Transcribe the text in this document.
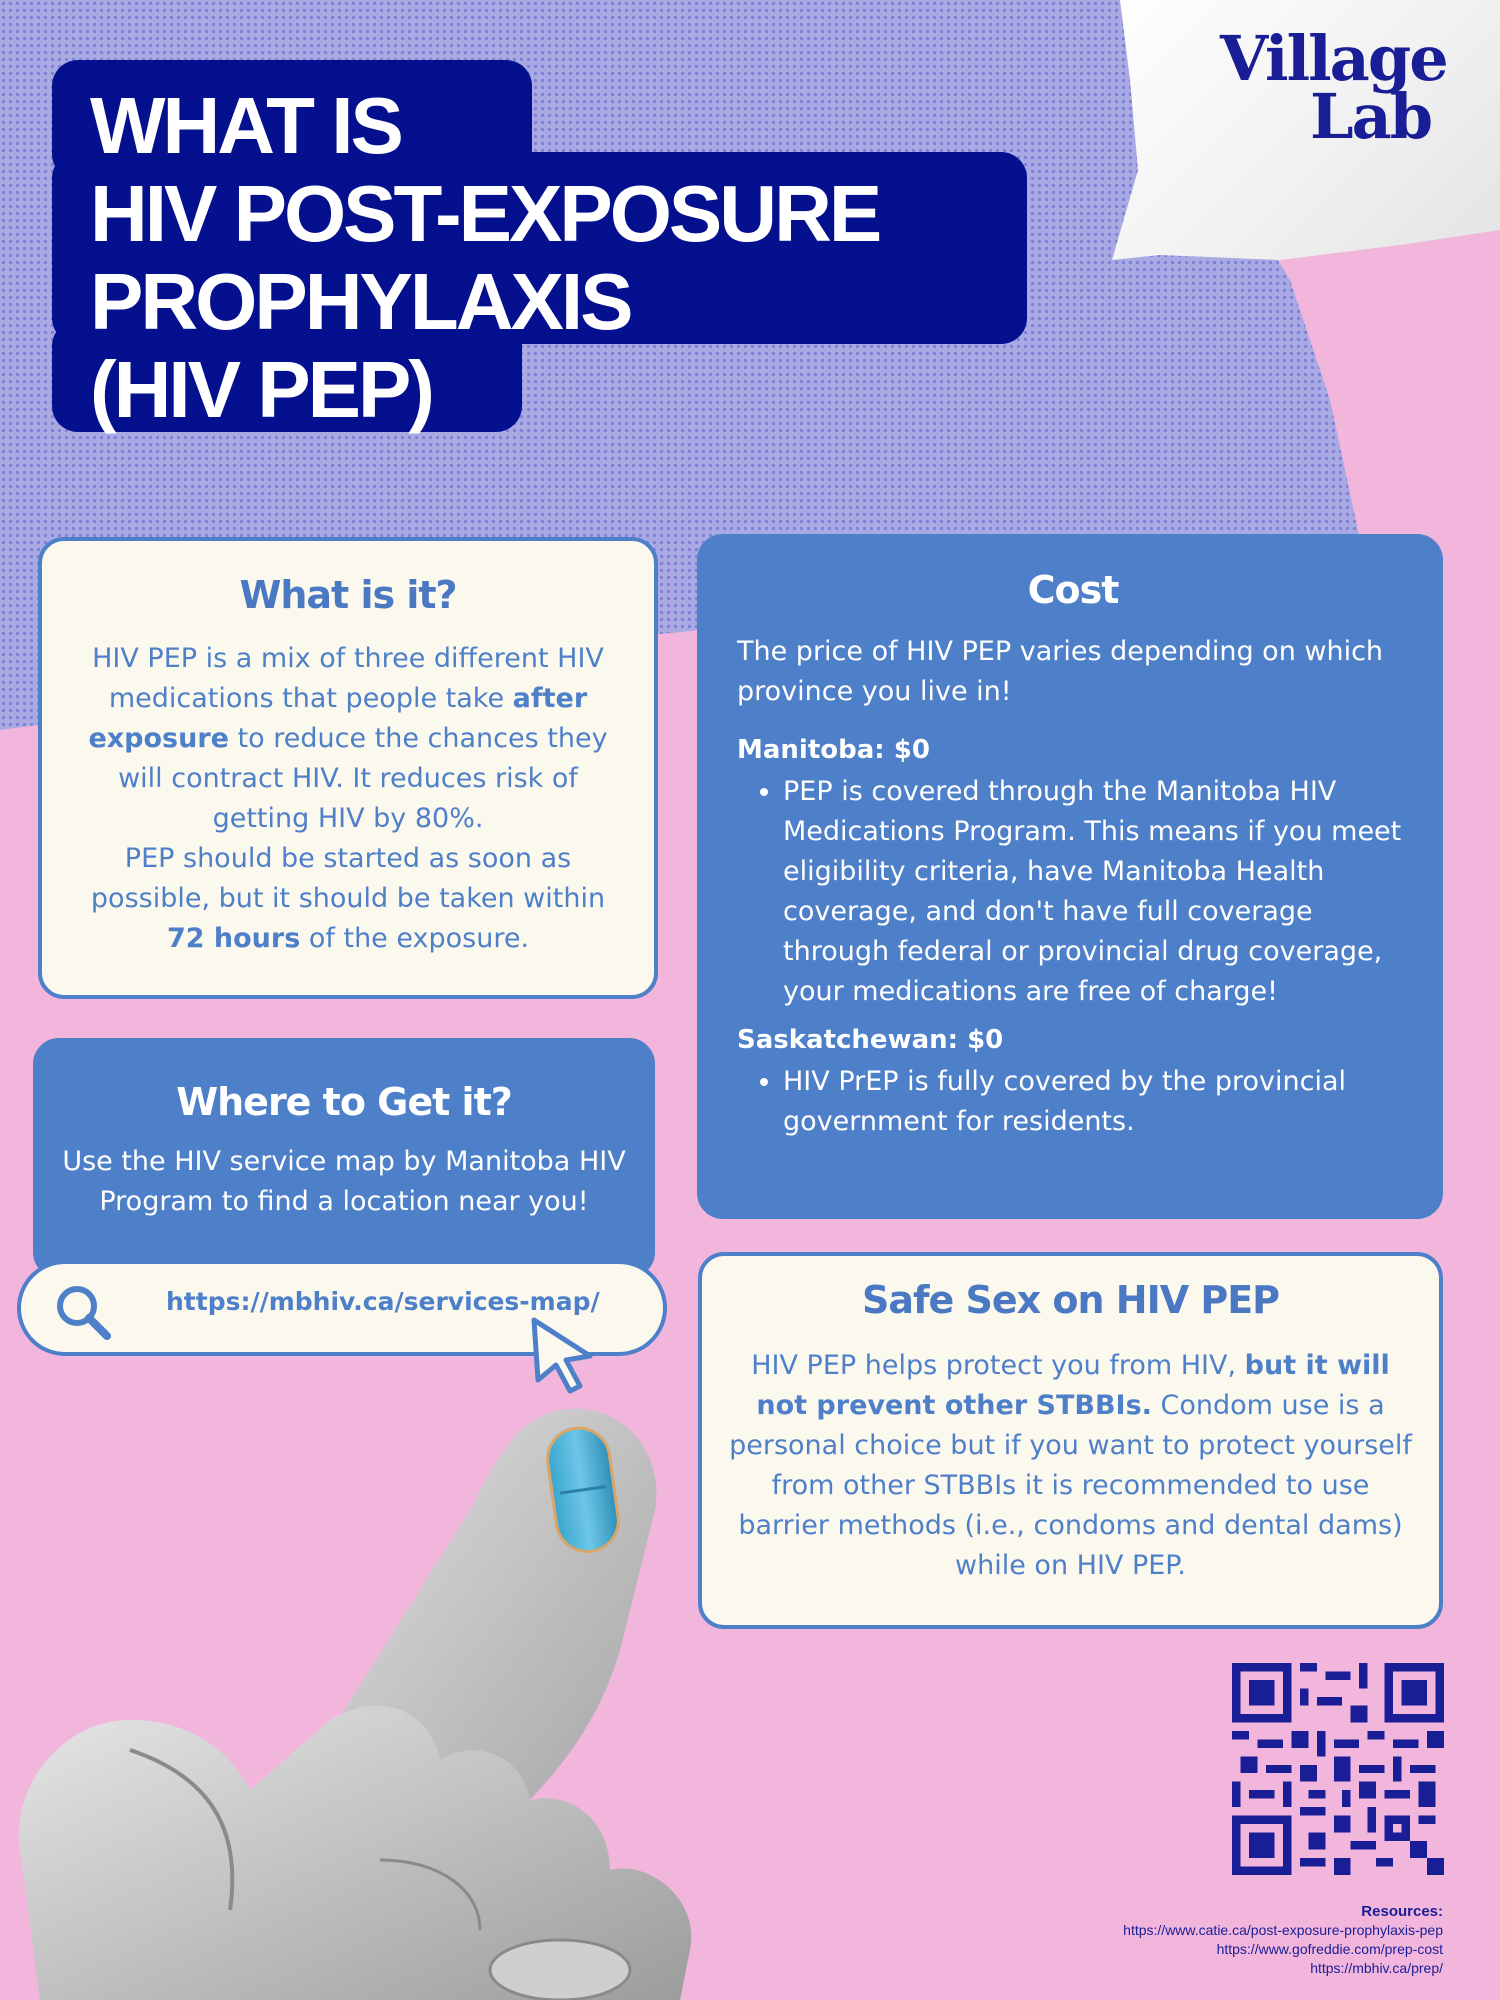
Village
Lab
WHAT IS
HIV POST-EXPOSURE
PROPHYLAXIS
(HIV PEP)
What is it?
HIV PEP is a mix of three different HIV medications that people take after exposure to reduce the chances they will contract HIV. It reduces risk of getting HIV by 80%.
PEP should be started as soon as possible, but it should be taken within 72 hours of the exposure.
Where to Get it?
Use the HIV service map by Manitoba HIV Program to find a location near you!
https://mbhiv.ca/services-map/
Cost
The price of HIV PEP varies depending on which province you live in!
Manitoba: $0
• PEP is covered through the Manitoba HIV Medications Program. This means if you meet eligibility criteria, have Manitoba Health coverage, and don't have full coverage through federal or provincial drug coverage, your medications are free of charge!
Saskatchewan: $0
• HIV PrEP is fully covered by the provincial government for residents.
Safe Sex on HIV PEP
HIV PEP helps protect you from HIV, but it will not prevent other STBBIs. Condom use is a personal choice but if you want to protect yourself from other STBBIs it is recommended to use barrier methods (i.e., condoms and dental dams) while on HIV PEP.
Resources:
https://www.catie.ca/post-exposure-prophylaxis-pep
https://www.gofreddie.com/prep-cost
https://mbhiv.ca/prep/
